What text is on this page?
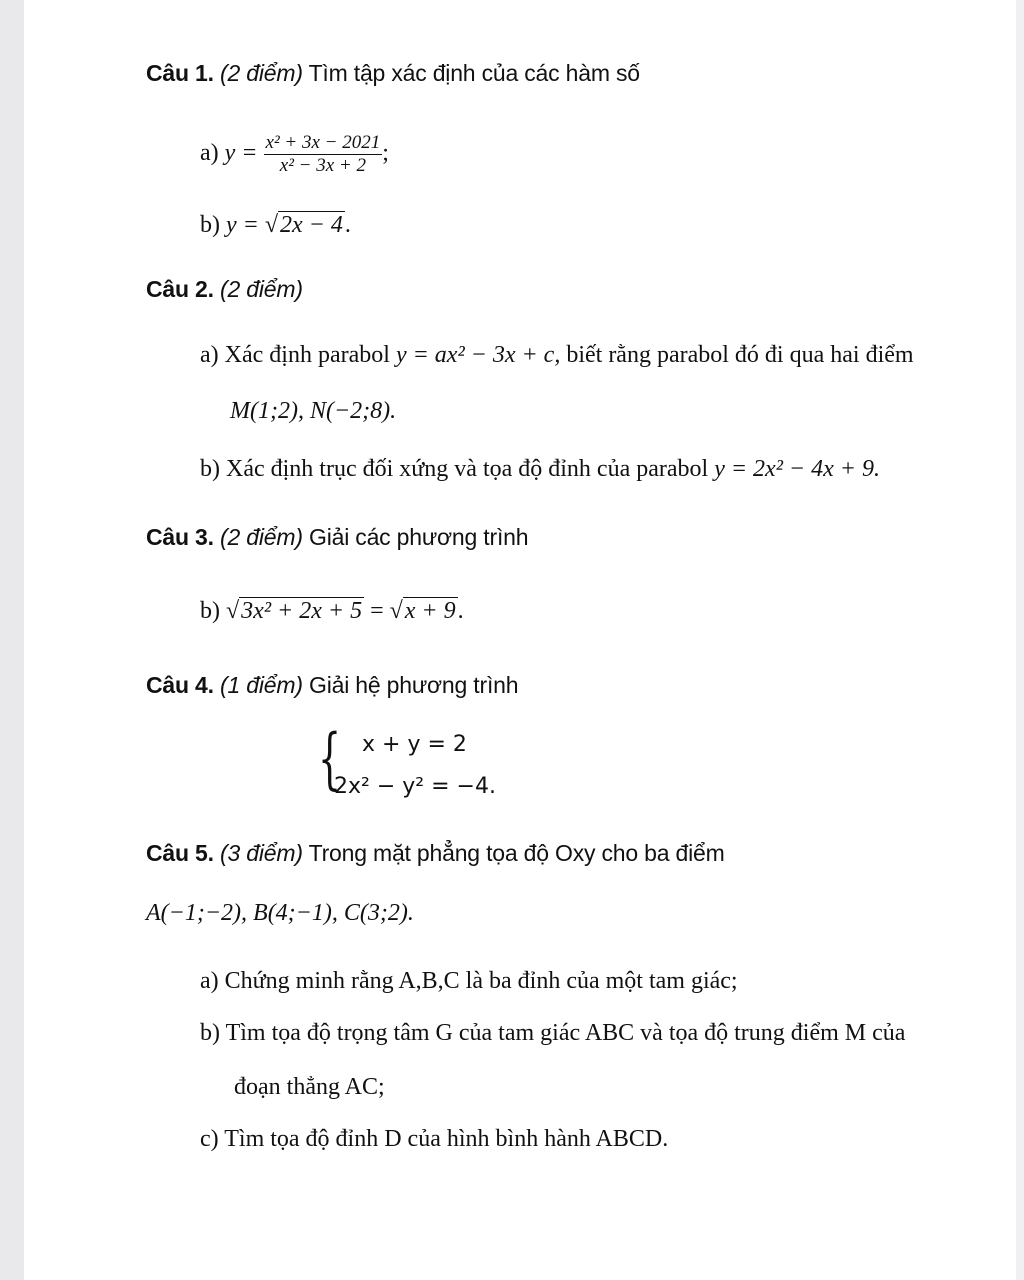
Câu 1. (2 điểm) Tìm tập xác định của các hàm số
a) $y = \frac{\text{x² + 3x − 2021}}{\text{x² − 3x + 2}}$ ;
b) y = √2x − 4.
Câu 2. (2 điểm)
a) Xác định parabol y = ax² − 3x + c, biết rằng parabol đó đi qua hai điểm
M(1;2), N(−2;8).
b) Xác định trục đối xứng và tọa độ đỉnh của parabol y = 2x² − 4x + 9.
Câu 3. (2 điểm) Giải các phương trình
b) √3x² + 2x + 5 = √x + 9.
Câu 4. (1 điểm) Giải hệ phương trình
{ x + y = 2
2x² − y² = −4.
Câu 5. (3 điểm) Trong mặt phẳng tọa độ Oxy cho ba điểm
A(−1;−2), B(4;−1), C(3;2).
a) Chứng minh rằng A,B,C là ba đỉnh của một tam giác;
b) Tìm tọa độ trọng tâm G của tam giác ABC và tọa độ trung điểm M của
đoạn thẳng AC;
c) Tìm tọa độ đỉnh D của hình bình hành ABCD.
